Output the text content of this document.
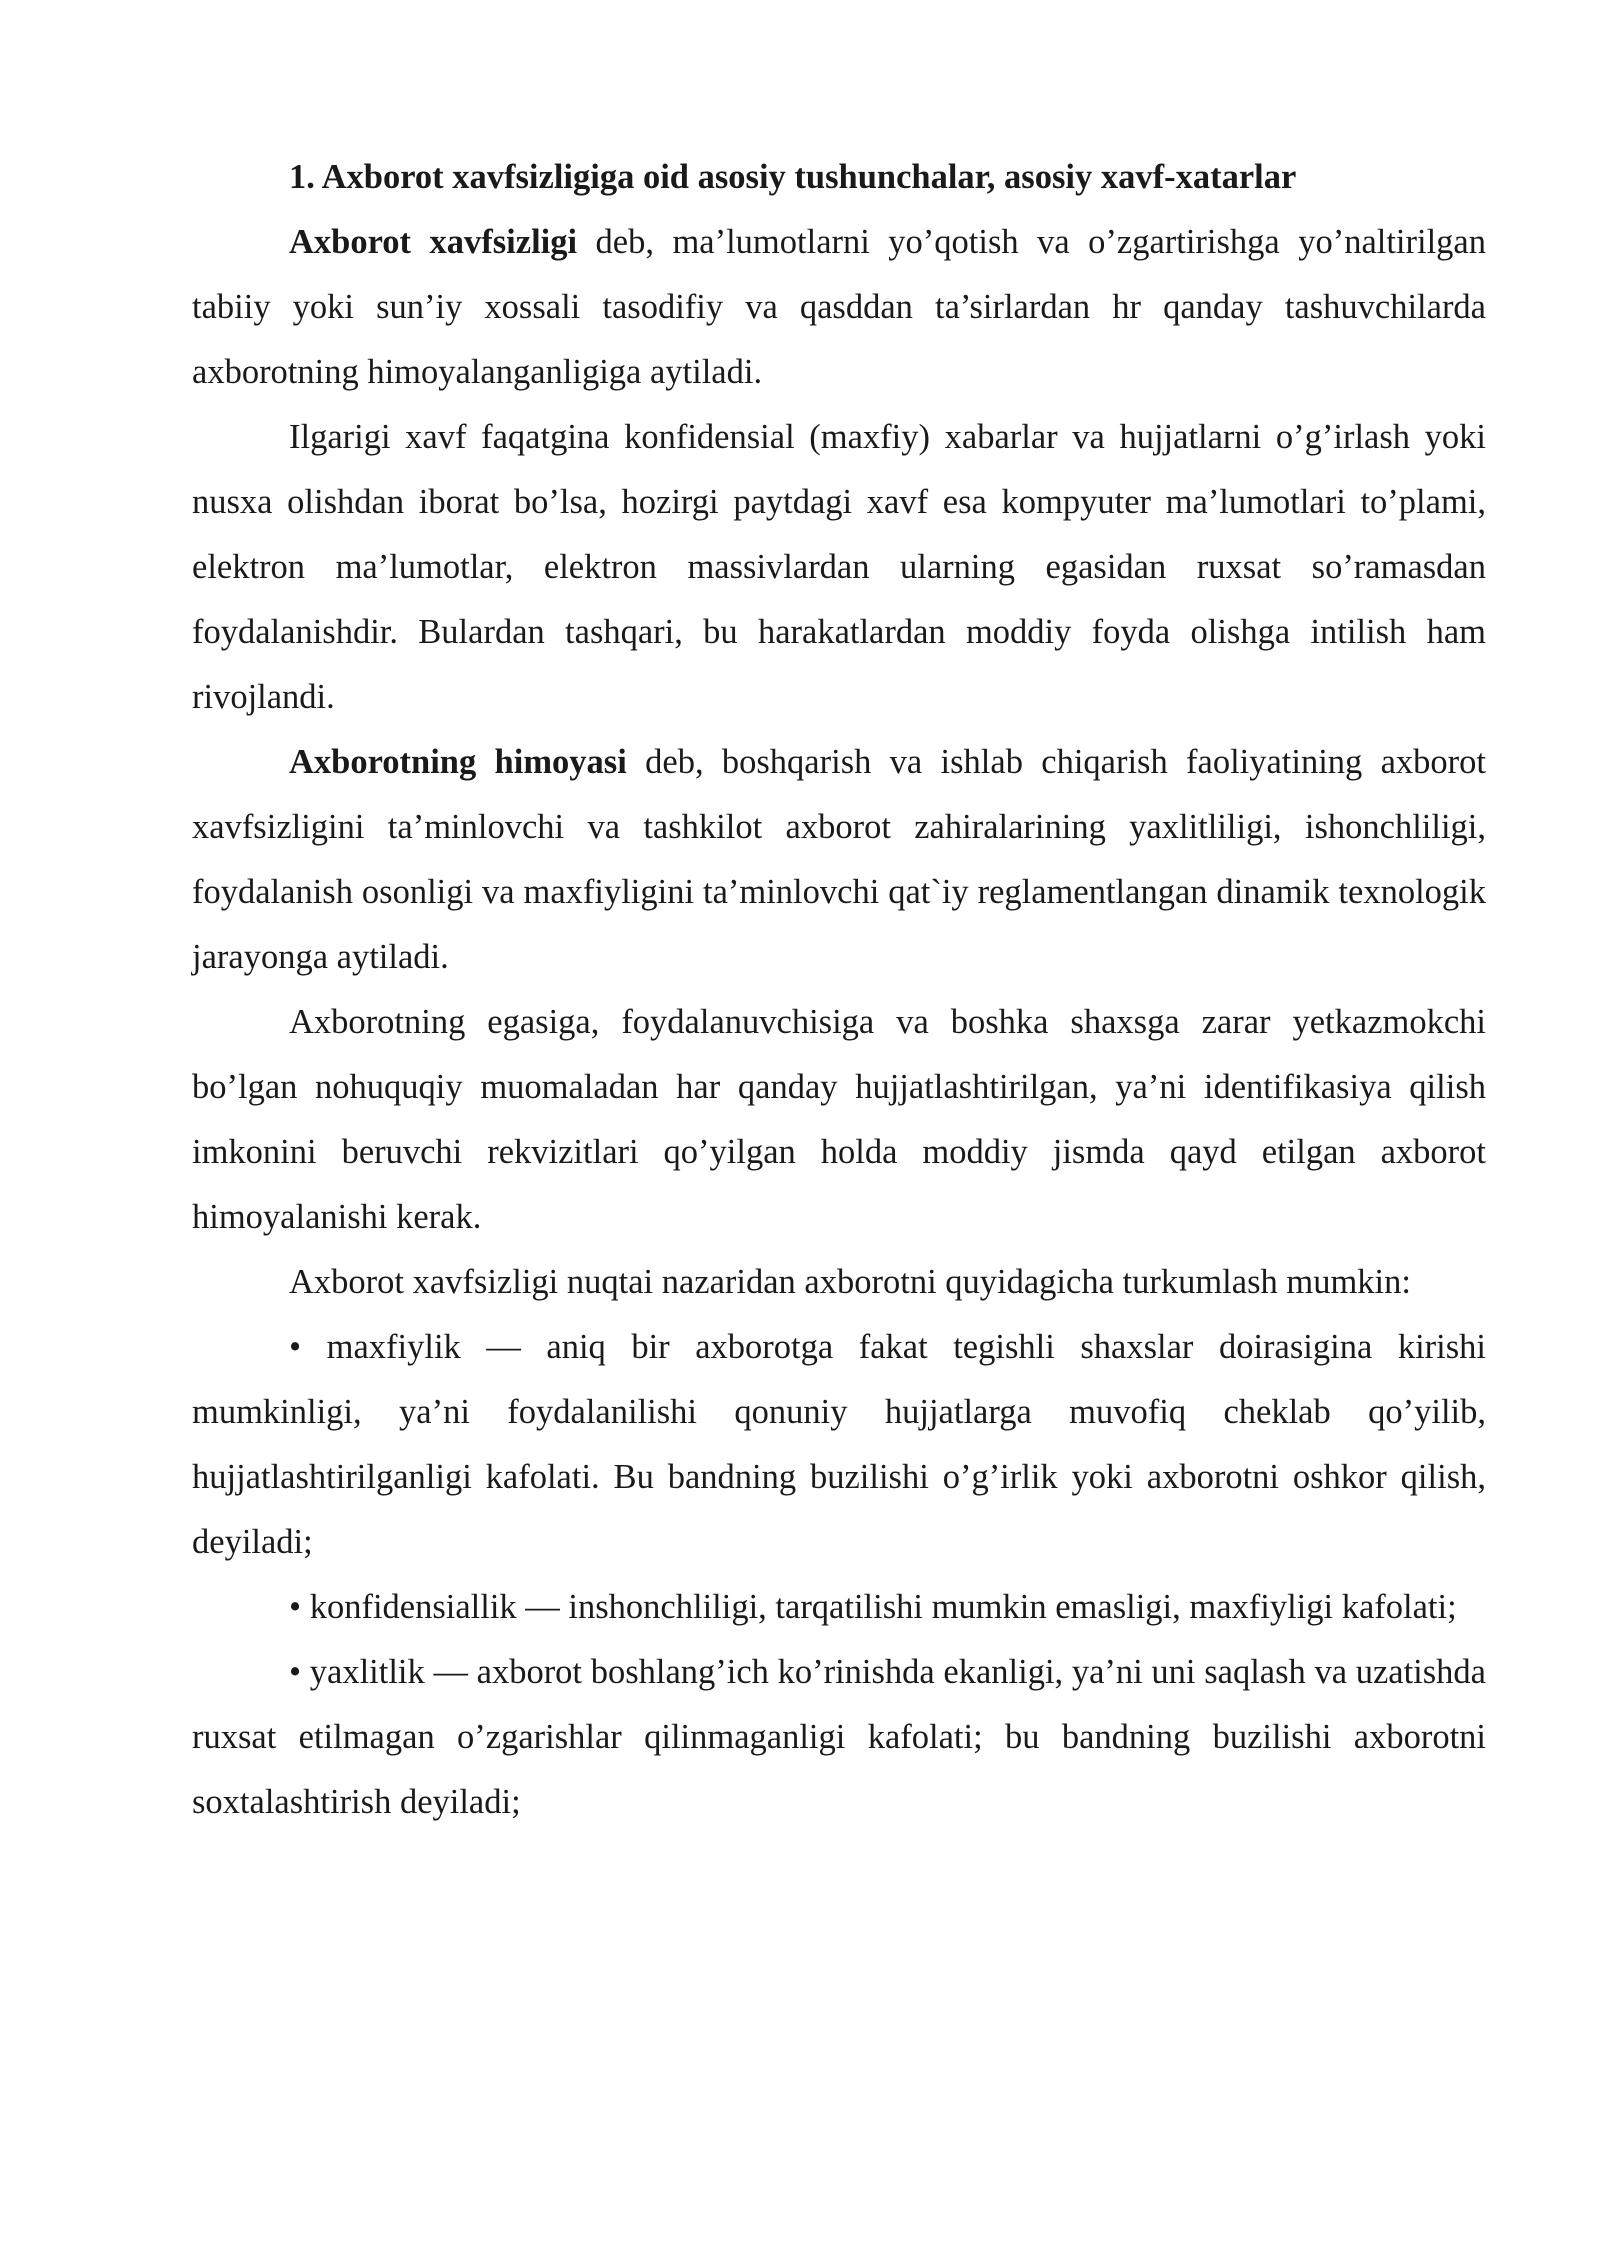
1. Axborot xavfsizligiga oid asosiy tushunchalar, asosiy xavf-xatarlar

Axborot xavfsizligi deb, ma’lumotlarni yo’qotish va o’zgartirishga yo’naltirilgan tabiiy yoki sun’iy xossali tasodifiy va qasddan ta’sirlardan hr qanday tashuvchilarda axborotning himoyalanganligiga aytiladi.

Ilgarigi xavf faqatgina konfidensial (maxfiy) xabarlar va hujjatlarni o’g’irlash yoki nusxa olishdan iborat bo’lsa, hozirgi paytdagi xavf esa kompyuter ma’lumotlari to’plami, elektron ma’lumotlar, elektron massivlardan ularning egasidan ruxsat so’ramasdan foydalanishdir. Bulardan tashqari, bu harakatlardan moddiy foyda olishga intilish ham rivojlandi.

Axborotning himoyasi deb, boshqarish va ishlab chiqarish faoliyatining axborot xavfsizligini ta’minlovchi va tashkilot axborot zahiralarining yaxlitliligi, ishonchliligi, foydalanish osonligi va maxfiyligini ta’minlovchi qat`iy reglamentlangan dinamik texnologik jarayonga aytiladi.

Axborotning egasiga, foydalanuvchisiga va boshka shaxsga zarar yetkazmokchi bo’lgan nohuquqiy muomaladan har qanday hujjatlashtirilgan, ya’ni identifikasiya qilish imkonini beruvchi rekvizitlari qo’yilgan holda moddiy jismda qayd etilgan axborot himoyalanishi kerak.

Axborot xavfsizligi nuqtai nazaridan axborotni quyidagicha turkumlash mumkin:

• maxfiylik — aniq bir axborotga fakat tegishli shaxslar doirasigina kirishi mumkinligi, ya’ni foydalanilishi qonuniy hujjatlarga muvofiq cheklab qo’yilib, hujjatlashtirilganligi kafolati. Bu bandning buzilishi o’g’irlik yoki axborotni oshkor qilish, deyiladi;

• konfidensiallik — inshonchliligi, tarqatilishi mumkin emasligi, maxfiyligi kafolati;

• yaxlitlik — axborot boshlang’ich ko’rinishda ekanligi, ya’ni uni saqlash va uzatishda ruxsat etilmagan o’zgarishlar qilinmaganligi kafolati; bu bandning buzilishi axborotni soxtalashtirish deyiladi;
